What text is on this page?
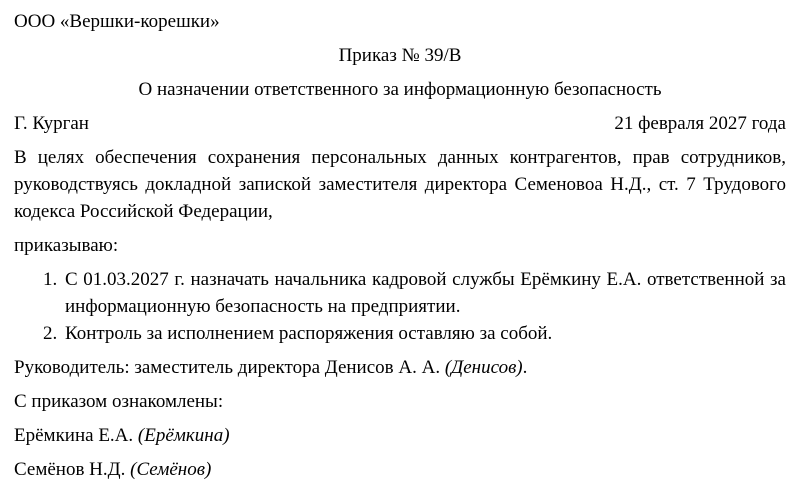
ООО «Вершки-корешки»

Приказ № 39/В

О назначении ответственного за информационную безопасность

Г. Курган	21 февраля 2027 года

В целях обеспечения сохранения персональных данных контрагентов, прав сотрудников, руководствуясь докладной запиской заместителя директора Семеновоа Н.Д., ст. 7 Трудового кодекса Российской Федерации,

приказываю:

1. С 01.03.2027 г. назначать начальника кадровой службы Ерёмкину Е.А. ответственной за информационную безопасность на предприятии.
2. Контроль за исполнением распоряжения оставляю за собой.

Руководитель: заместитель директора Денисов А. А. (Денисов).

С приказом ознакомлены:

Ерёмкина Е.А. (Ерёмкина)

Семёнов Н.Д. (Семёнов)
